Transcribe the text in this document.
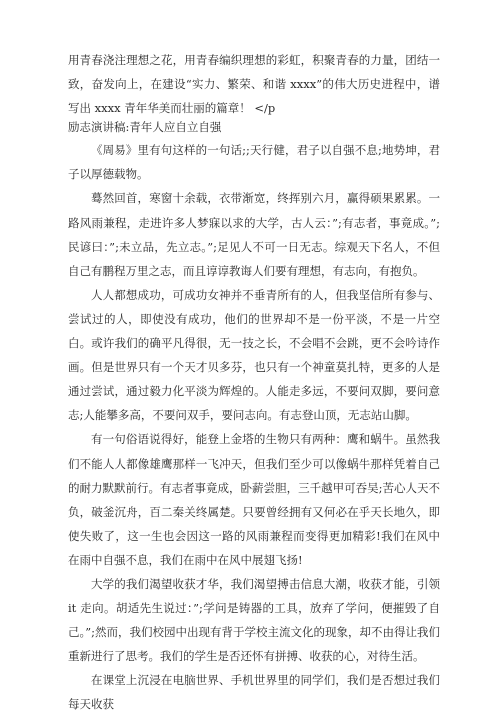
用青春浇注理想之花，用青春编织理想的彩虹，积聚青春的力量，团结一致，奋发向上，在建设“实力、繁荣、和谐 xxxx”的伟大历史进程中，谱写出 xxxx 青年华美而壮丽的篇章！ </p

励志演讲稿:青年人应自立自强

《周易》里有句这样的一句话;;天行健，君子以自强不息;地势坤，君子以厚德载物。

蓦然回首，寒窗十余载，衣带渐宽，终挥别六月，赢得硕果累累。一路风雨兼程，走进许多人梦寐以求的大学，古人云：”;有志者，事竟成。”;民谚曰：”;未立品，先立志。”;足见人不可一日无志。综观天下名人，不但自己有鹏程万里之志，而且谆谆教诲人们要有理想，有志向，有抱负。

人人都想成功，可成功女神并不垂青所有的人，但我坚信所有参与、尝试过的人，即使没有成功，他们的世界却不是一份平淡，不是一片空白。或许我们的确平凡得很，无一技之长，不会唱不会跳，更不会吟诗作画。但是世界只有一个天才贝多芬，也只有一个神童莫扎特，更多的人是通过尝试，通过毅力化平淡为辉煌的。人能走多远，不要问双脚，要问意志;人能攀多高，不要问双手，要问志向。有志登山顶，无志站山脚。

有一句俗语说得好，能登上金塔的生物只有两种：鹰和蜗牛。虽然我们不能人人都像雄鹰那样一飞冲天，但我们至少可以像蜗牛那样凭着自己的耐力默默前行。有志者事竟成，卧薪尝胆，三千越甲可吞吴;苦心人天不负，破釜沉舟，百二秦关终属楚。只要曾经拥有又何必在乎天长地久，即使失败了，这一生也会因这一路的风雨兼程而变得更加精彩!我们在风中在雨中自强不息，我们在雨中在风中展翅飞扬!

大学的我们渴望收获才华，我们渴望搏击信息大潮，收获才能，引领 it 走向。胡适先生说过：”;学问是铸器的工具，放弃了学问，便摧毁了自己。”;然而，我们校园中出现有背于学校主流文化的现象，却不由得让我们重新进行了思考。我们的学生是否还怀有拼搏、收获的心，对待生活。

在课堂上沉浸在电脑世界、手机世界里的同学们，我们是否想过我们每天收获
